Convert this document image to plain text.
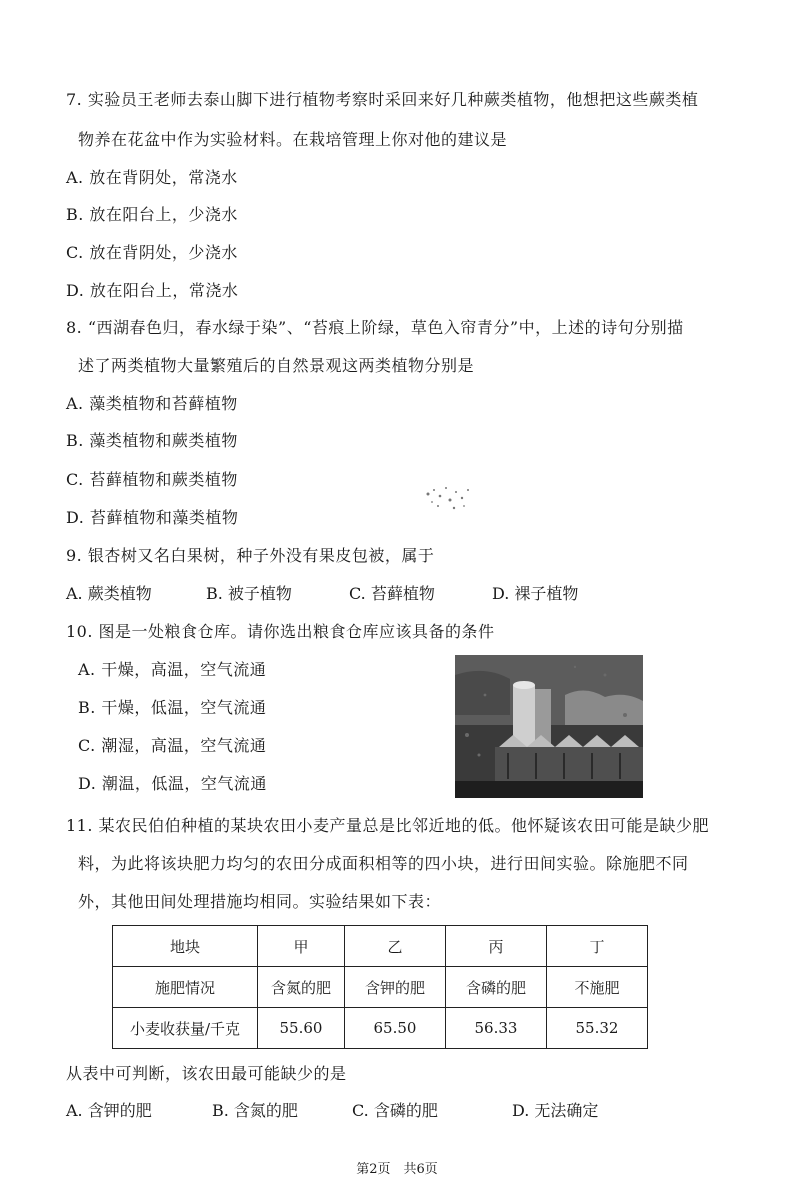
7. 实验员王老师去泰山脚下进行植物考察时采回来好几种蕨类植物，他想把这些蕨类植
物养在花盆中作为实验材料。在栽培管理上你对他的建议是
A. 放在背阴处，常浇水
B. 放在阳台上，少浇水
C. 放在背阴处，少浇水
D. 放在阳台上，常浇水
8. “西湖春色归，春水绿于染”、“苔痕上阶绿，草色入帘青分”中，上述的诗句分别描
述了两类植物大量繁殖后的自然景观这两类植物分别是
A. 藻类植物和苔藓植物
B. 藻类植物和蕨类植物
C. 苔藓植物和蕨类植物
D. 苔藓植物和藻类植物
9. 银杏树又名白果树，种子外没有果皮包被，属于
A. 蕨类植物	B. 被子植物	C. 苔藓植物	D. 裸子植物
10. 图是一处粮食仓库。请你选出粮食仓库应该具备的条件
A. 干燥，高温，空气流通
B. 干燥，低温，空气流通
C. 潮湿，高温，空气流通
D. 潮温，低温，空气流通
11. 某农民伯伯种植的某块农田小麦产量总是比邻近地的低。他怀疑该农田可能是缺少肥
料，为此将该块肥力均匀的农田分成面积相等的四小块，进行田间实验。除施肥不同
外，其他田间处理措施均相同。实验结果如下表：
地块	甲	乙	丙	丁
施肥情况	含氮的肥	含钾的肥	含磷的肥	不施肥
小麦收获量/千克	55.60	65.50	56.33	55.32
从表中可判断，该农田最可能缺少的是
A. 含钾的肥	B. 含氮的肥	C. 含磷的肥	D. 无法确定
第2页　共6页
